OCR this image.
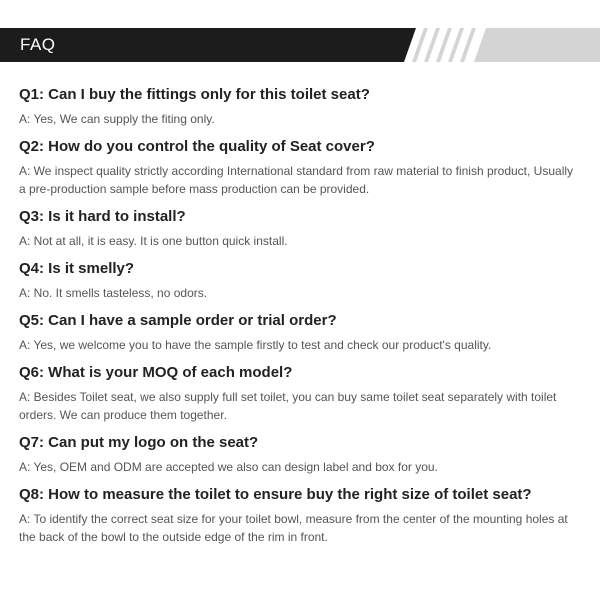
FAQ

Q1: Can I buy the fittings only for this toilet seat?

A: Yes, We can supply the fiting only.

Q2: How do you control the quality of Seat cover?

A: We inspect quality strictly according International standard from raw material to finish product, Usually a pre-production sample before mass production can be provided.

Q3: Is it hard to install?

A: Not at all, it is easy. It is one button quick install.

Q4: Is it smelly?

A: No. It smells tasteless, no odors.

Q5: Can I have a sample order or trial order?

A: Yes, we welcome you to have the sample firstly to test and check our product's quality.

Q6: What is your MOQ of each model?

A: Besides Toilet seat, we also supply full set toilet, you can buy same toilet seat separately with toilet orders. We can produce them together.

Q7: Can put my logo on the seat?

A: Yes, OEM and ODM are accepted we also can design label and box for you.

Q8: How to measure the toilet to ensure buy the right size of toilet seat?

A: To identify the correct seat size for your toilet bowl, measure from the center of the mounting holes at the back of the bowl to the outside edge of the rim in front.
